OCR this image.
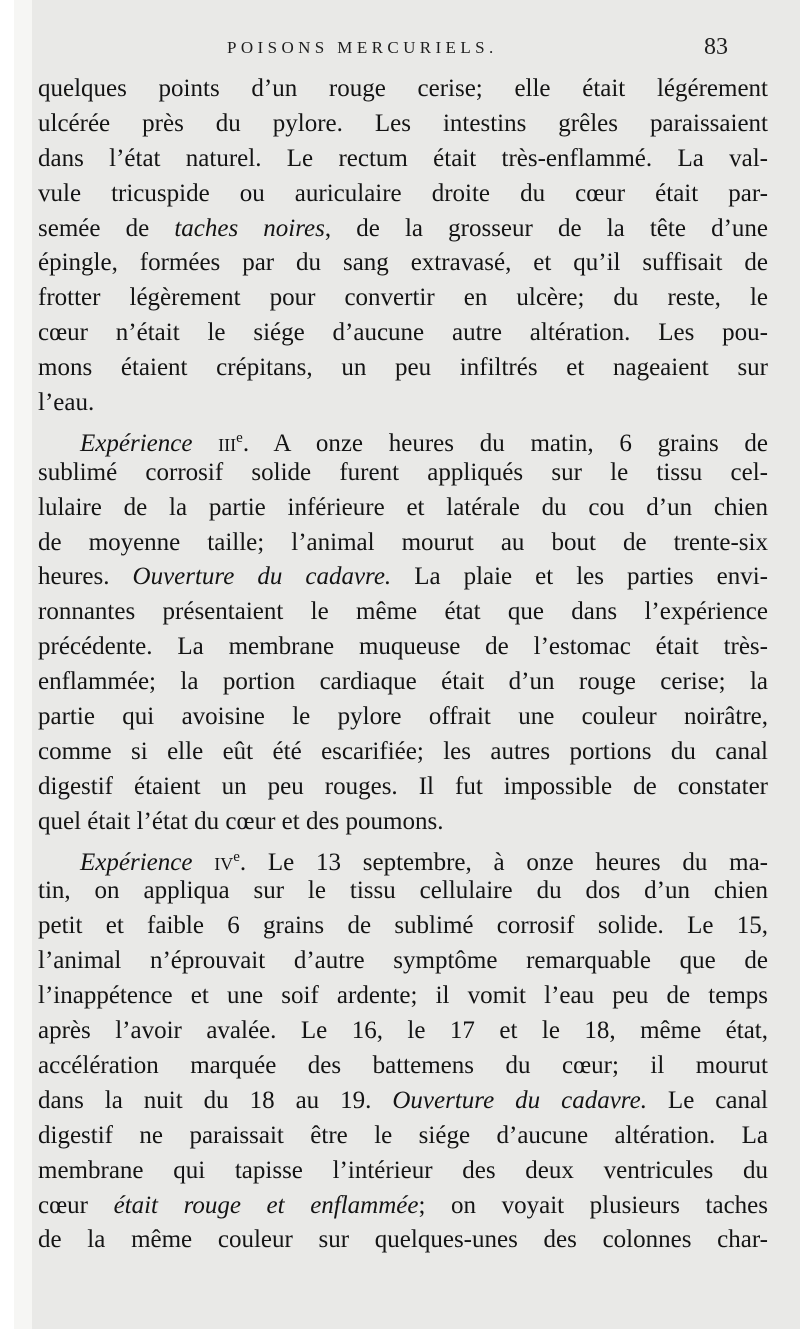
POISONS MERCURIELS.	83
quelques points d’un rouge cerise; elle était légérement
ulcérée près du pylore. Les intestins grêles paraissaient
dans l’état naturel. Le rectum était très-enflammé. La val-
vule tricuspide ou auriculaire droite du cœur était par-
semée de taches noires, de la grosseur de la tête d’une
épingle, formées par du sang extravasé, et qu’il suffisait de
frotter légèrement pour convertir en ulcère; du reste, le
cœur n’était le siége d’aucune autre altération. Les pou-
mons étaient crépitans, un peu infiltrés et nageaient sur
l’eau.
Expérience iii$^e$. A onze heures du matin, 6 grains de
sublimé corrosif solide furent appliqués sur le tissu cel-
lulaire de la partie inférieure et latérale du cou d’un chien
de moyenne taille; l’animal mourut au bout de trente-six
heures. Ouverture du cadavre. La plaie et les parties envi-
ronnantes présentaient le même état que dans l’expérience
précédente. La membrane muqueuse de l’estomac était très-
enflammée; la portion cardiaque était d’un rouge cerise; la
partie qui avoisine le pylore offrait une couleur noirâtre,
comme si elle eût été escarifiée; les autres portions du canal
digestif étaient un peu rouges. Il fut impossible de constater
quel était l’état du cœur et des poumons.
Expérience $iv^e$. Le 13 septembre, à onze heures du ma-
tin, on appliqua sur le tissu cellulaire du dos d’un chien
petit et faible 6 grains de sublimé corrosif solide. Le 15,
l’animal n’éprouvait d’autre symptôme remarquable que de
l’inappétence et une soif ardente; il vomit l’eau peu de temps
après l’avoir avalée. Le 16, le 17 et le 18, même état,
accélération marquée des battemens du cœur; il mourut
dans la nuit du 18 au 19. Ouverture du cadavre. Le canal
digestif ne paraissait être le siége d’aucune altération. La
membrane qui tapisse l’intérieur des deux ventricules du
cœur était rouge et enflammée; on voyait plusieurs taches
de la même couleur sur quelques-unes des colonnes char-
